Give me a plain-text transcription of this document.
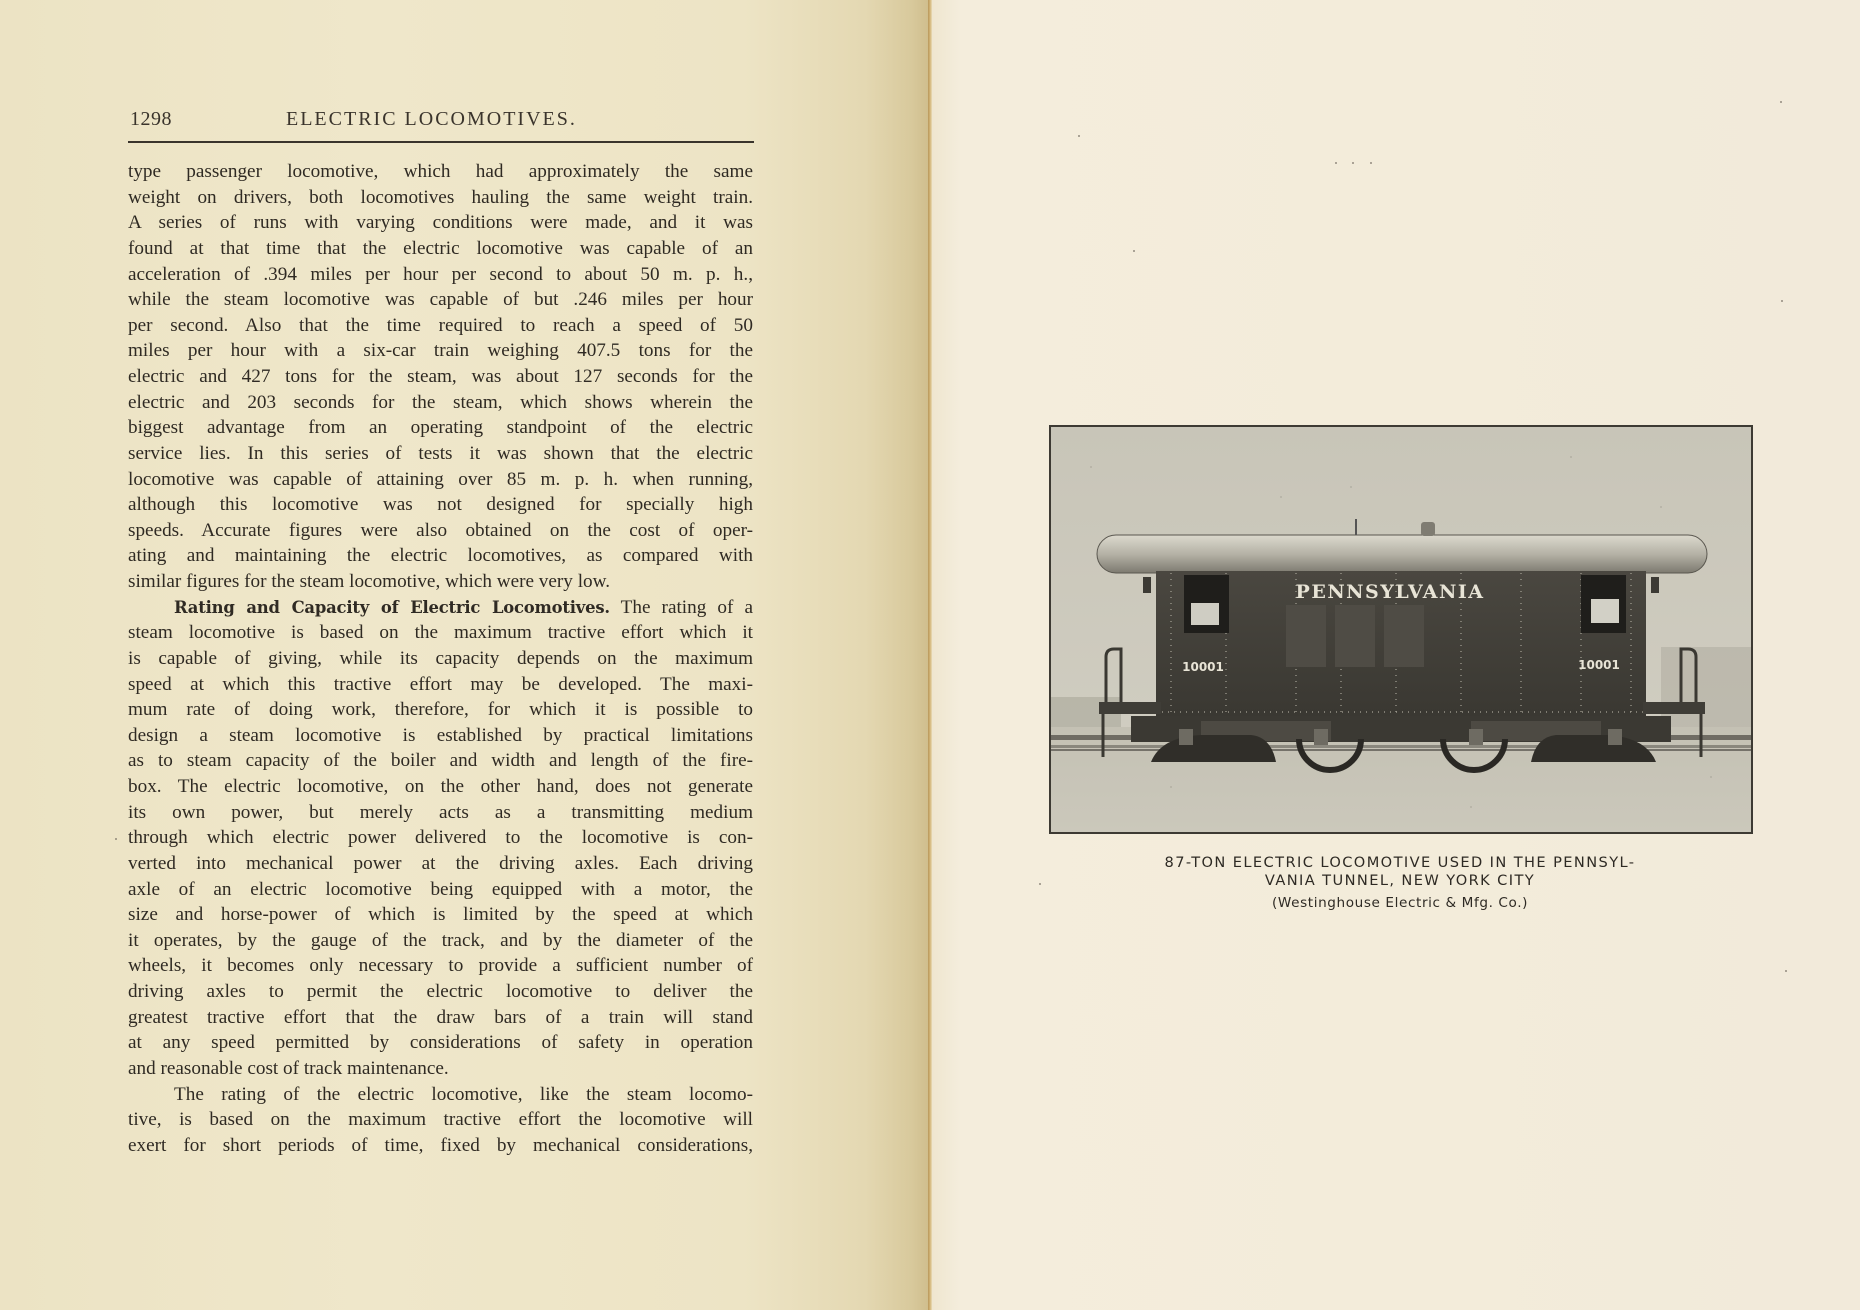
1298	ELECTRIC LOCOMOTIVES.
type passenger locomotive, which had approximately the same
weight on drivers, both locomotives hauling the same weight train.
A series of runs with varying conditions were made, and it was
found at that time that the electric locomotive was capable of an
acceleration of .394 miles per hour per second to about 50 m. p. h.,
while the steam locomotive was capable of but .246 miles per hour
per second. Also that the time required to reach a speed of 50
miles per hour with a six-car train weighing 407.5 tons for the
electric and 427 tons for the steam, was about 127 seconds for the
electric and 203 seconds for the steam, which shows wherein the
biggest advantage from an operating standpoint of the electric
service lies. In this series of tests it was shown that the electric
locomotive was capable of attaining over 85 m. p. h. when running,
although this locomotive was not designed for specially high
speeds. Accurate figures were also obtained on the cost of oper-
ating and maintaining the electric locomotives, as compared with
similar figures for the steam locomotive, which were very low.
Rating and Capacity of Electric Locomotives. The rating of a
steam locomotive is based on the maximum tractive effort which it
is capable of giving, while its capacity depends on the maximum
speed at which this tractive effort may be developed. The maxi-
mum rate of doing work, therefore, for which it is possible to
design a steam locomotive is established by practical limitations
as to steam capacity of the boiler and width and length of the fire-
box. The electric locomotive, on the other hand, does not generate
its own power, but merely acts as a transmitting medium
through which electric power delivered to the locomotive is con-
verted into mechanical power at the driving axles. Each driving
axle of an electric locomotive being equipped with a motor, the
size and horse-power of which is limited by the speed at which
it operates, by the gauge of the track, and by the diameter of the
wheels, it becomes only necessary to provide a sufficient number of
driving axles to permit the electric locomotive to deliver the
greatest tractive effort that the draw bars of a train will stand
at any speed permitted by considerations of safety in operation
and reasonable cost of track maintenance.
The rating of the electric locomotive, like the steam locomo-
tive, is based on the maximum tractive effort the locomotive will
exert for short periods of time, fixed by mechanical considerations,
PENNSYLVANIA
10001	10001
87-TON ELECTRIC LOCOMOTIVE USED IN THE PENNSYL-
VANIA TUNNEL, NEW YORK CITY
(Westinghouse Electric & Mfg. Co.)
